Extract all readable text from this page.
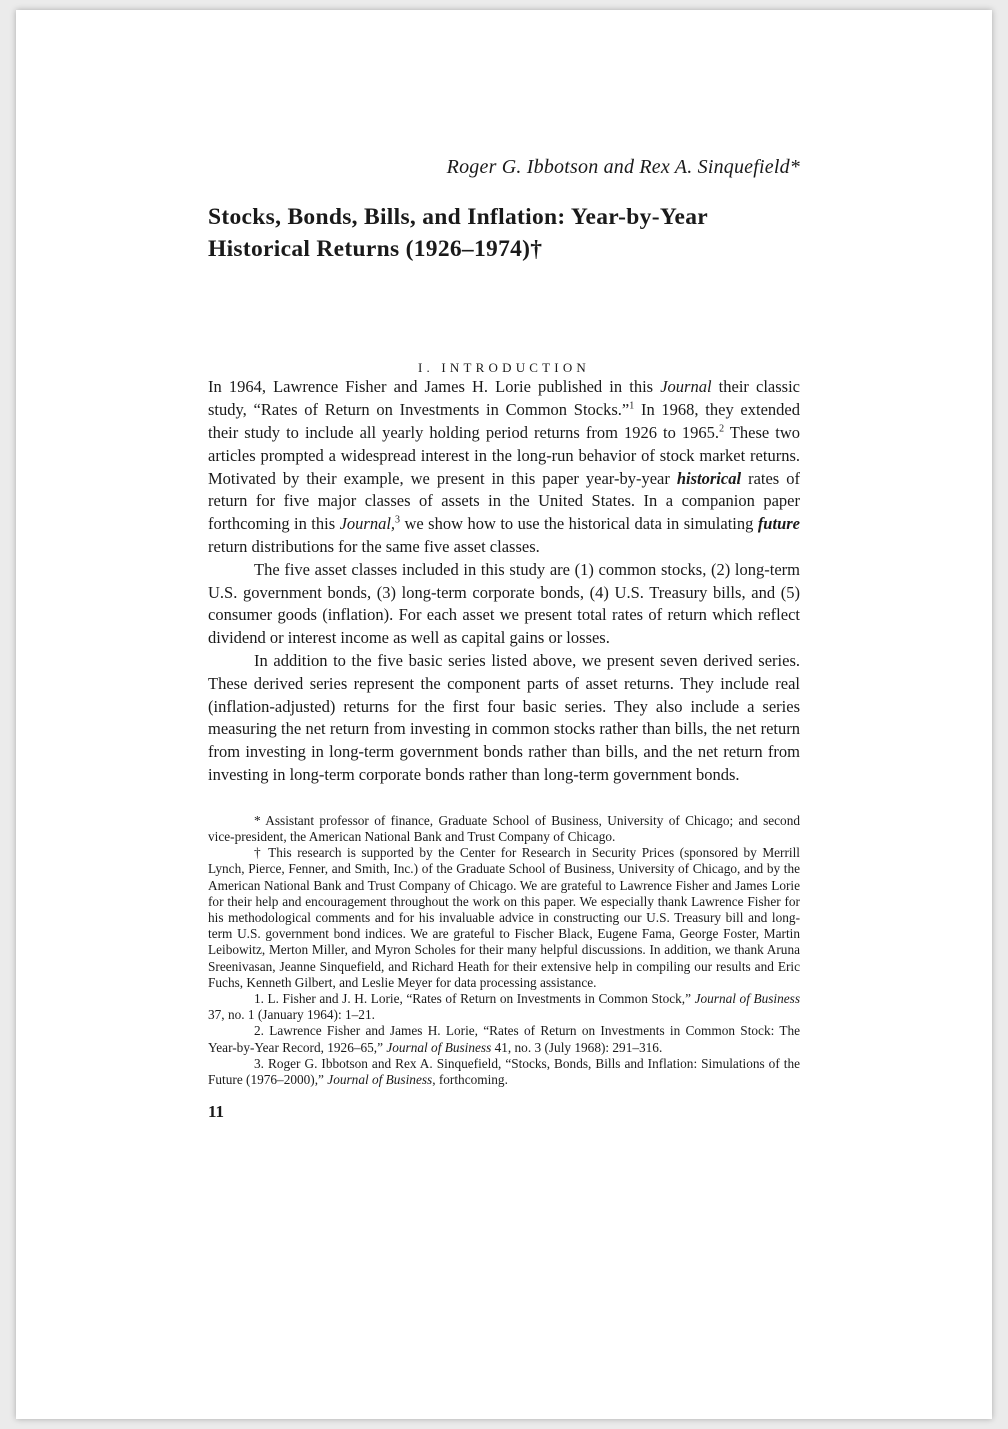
Roger G. Ibbotson and Rex A. Sinquefield*
Stocks, Bonds, Bills, and Inflation: Year-by-Year
Historical Returns (1926–1974)†
I. INTRODUCTION

In 1964, Lawrence Fisher and James H. Lorie published in this Journal their classic study, “Rates of Return on Investments in Common Stocks.”$^1$ In 1968, they extended their study to include all yearly holding period returns from 1926 to 1965.$^2$ These two articles prompted a widespread interest in the long-run behavior of stock market returns. Motivated by their example, we present in this paper year-by-year historical rates of return for five major classes of assets in the United States. In a companion paper forthcoming in this Journal,$^3$ we show how to use the historical data in simulating future return distributions for the same five asset classes.

The five asset classes included in this study are (1) common stocks, (2) long-term U.S. government bonds, (3) long-term corporate bonds, (4) U.S. Treasury bills, and (5) consumer goods (inflation). For each asset we present total rates of return which reflect dividend or interest income as well as capital gains or losses.

In addition to the five basic series listed above, we present seven derived series. These derived series represent the component parts of asset returns. They include real (inflation-adjusted) returns for the first four basic series. They also include a series measuring the net return from investing in common stocks rather than bills, the net return from investing in long-term government bonds rather than bills, and the net return from investing in long-term corporate bonds rather than long-term government bonds.

* Assistant professor of finance, Graduate School of Business, University of Chicago; and second vice-president, the American National Bank and Trust Company of Chicago.

† This research is supported by the Center for Research in Security Prices (sponsored by Merrill Lynch, Pierce, Fenner, and Smith, Inc.) of the Graduate School of Business, University of Chicago, and by the American National Bank and Trust Company of Chicago. We are grateful to Lawrence Fisher and James Lorie for their help and encouragement throughout the work on this paper. We especially thank Lawrence Fisher for his methodological comments and for his invaluable advice in constructing our U.S. Treasury bill and long-term U.S. government bond indices. We are grateful to Fischer Black, Eugene Fama, George Foster, Martin Leibowitz, Merton Miller, and Myron Scholes for their many helpful discussions. In addition, we thank Aruna Sreenivasan, Jeanne Sinquefield, and Richard Heath for their extensive help in compiling our results and Eric Fuchs, Kenneth Gilbert, and Leslie Meyer for data processing assistance.

1. L. Fisher and J. H. Lorie, “Rates of Return on Investments in Common Stock,” Journal of Business 37, no. 1 (January 1964): 1–21.

2. Lawrence Fisher and James H. Lorie, “Rates of Return on Investments in Common Stock: The Year-by-Year Record, 1926–65,” Journal of Business 41, no. 3 (July 1968): 291–316.

3. Roger G. Ibbotson and Rex A. Sinquefield, “Stocks, Bonds, Bills and Inflation: Simulations of the Future (1976–2000),” Journal of Business, forthcoming.

11
